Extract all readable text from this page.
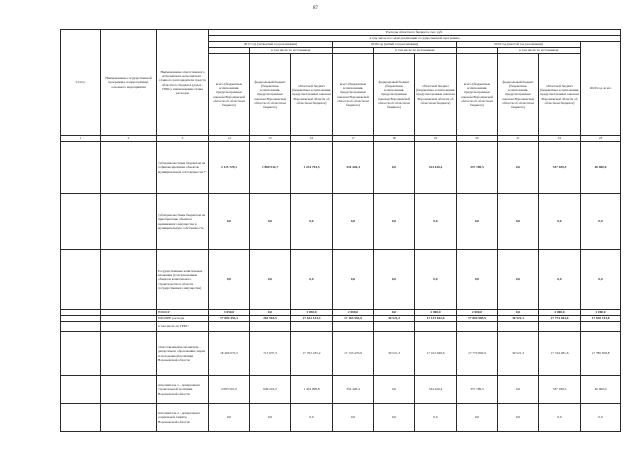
87
Статус	Наименование государственной программы, подпрограммы, основного мероприятия	Наименование ответственного исполнителя, исполнителя - главного распорядителя средств областного бюджета (далее - ГРБС), наименование главы расходов	Расходы областного бюджета, тыс. руб.									
			в том числе по годам реализации государственной программы									
			2017 год (четвертый год реализации)			2018 год (пятый год реализации)			2019 год (шестой год реализации)			2020 год, всего
				в том числе по источникам:			в том числе по источникам:			в том числе по источникам:		
			всего (бюджетные ассигнования, предусмотренные законом Воронежской области об областном бюджете)	федеральный бюджет (бюджетные ассигнования, предусмотренные законом Воронежской области об областном бюджете)	областной бюджет (бюджетные ассигнования, предусмотренные законом Воронежской области об областном бюджете)	всего (бюджетные ассигнования, предусмотренные законом Воронежской области об областном бюджете)	федеральный бюджет (бюджетные ассигнования, предусмотренные законом Воронежской области об областном бюджете)	областной бюджет (бюджетные ассигнования, предусмотренные законом Воронежской области об областном бюджете)	всего (бюджетные ассигнования, предусмотренные законом Воронежской области об областном бюджете)	федеральный бюджет (бюджетные ассигнования, предусмотренные законом Воронежской области об областном бюджете)	областной бюджет (бюджетные ассигнования, предусмотренные законом Воронежской области об областном бюджете)	
1	2	3	14	15	16	17	18	19	20	21	22	23
		субсидии местным бюджетам на софинансирование объектов муниципальной собственности *	2 115 729,1	1 880 934,7	1 234 794,5	334 426,4	0,0	334 426,4	337 189,5	0,0	337 189,5	40 000,0
		субсидии местным бюджетам на приобретение объектов недвижимого имущества в муниципальную собственность	0,0	0,0	0,0	0,0	0,0	0,0	0,0	0,0	0,0	0,0
		Государственные капитальные вложения (за исключением объектов капитального строительства в области государственного имущества)	0,0	0,0	0,0	0,0	0,0	0,0	0,0	0,0	0,0	0,0
		НИОКР	3 050,0	0,0	3 050,0	2 000,0	0,0	2 000,0	2 000,0	0,0	2 000,0	2 000,0
		ПРОЧИЕ расходы	17 894 453,3	281 918,5	17 612 514,4	17 163 563,9	30 521,3	17 133 042,6	17 804 985,9	30 521,3	17 774 464,6	17 818 743,8
		в том числе по ГРБС:										
		ответственный исполнитель - департамент образования, науки и молодежной политики Воронежской области	18 406 072,5	713 637,3	17 702 435,2	17 133 470,9	30 521,3	17 102 949,6	17 774 802,9	30 521,3	17 744 281,6	17 780 658,8
		исполнитель 1 - департамент строительной политики Воронежской области	2 083 501,0	649 216,2	1 434 098,8	334 426,4	0,0	334 426,4	337 189,5	0,0	337 189,5	40 000,0
		исполнитель 2 - департамент социальной защиты Воронежской области	0,0	0,0	0,0	0,0	0,0	0,0	0,0	0,0	0,0	0,0
